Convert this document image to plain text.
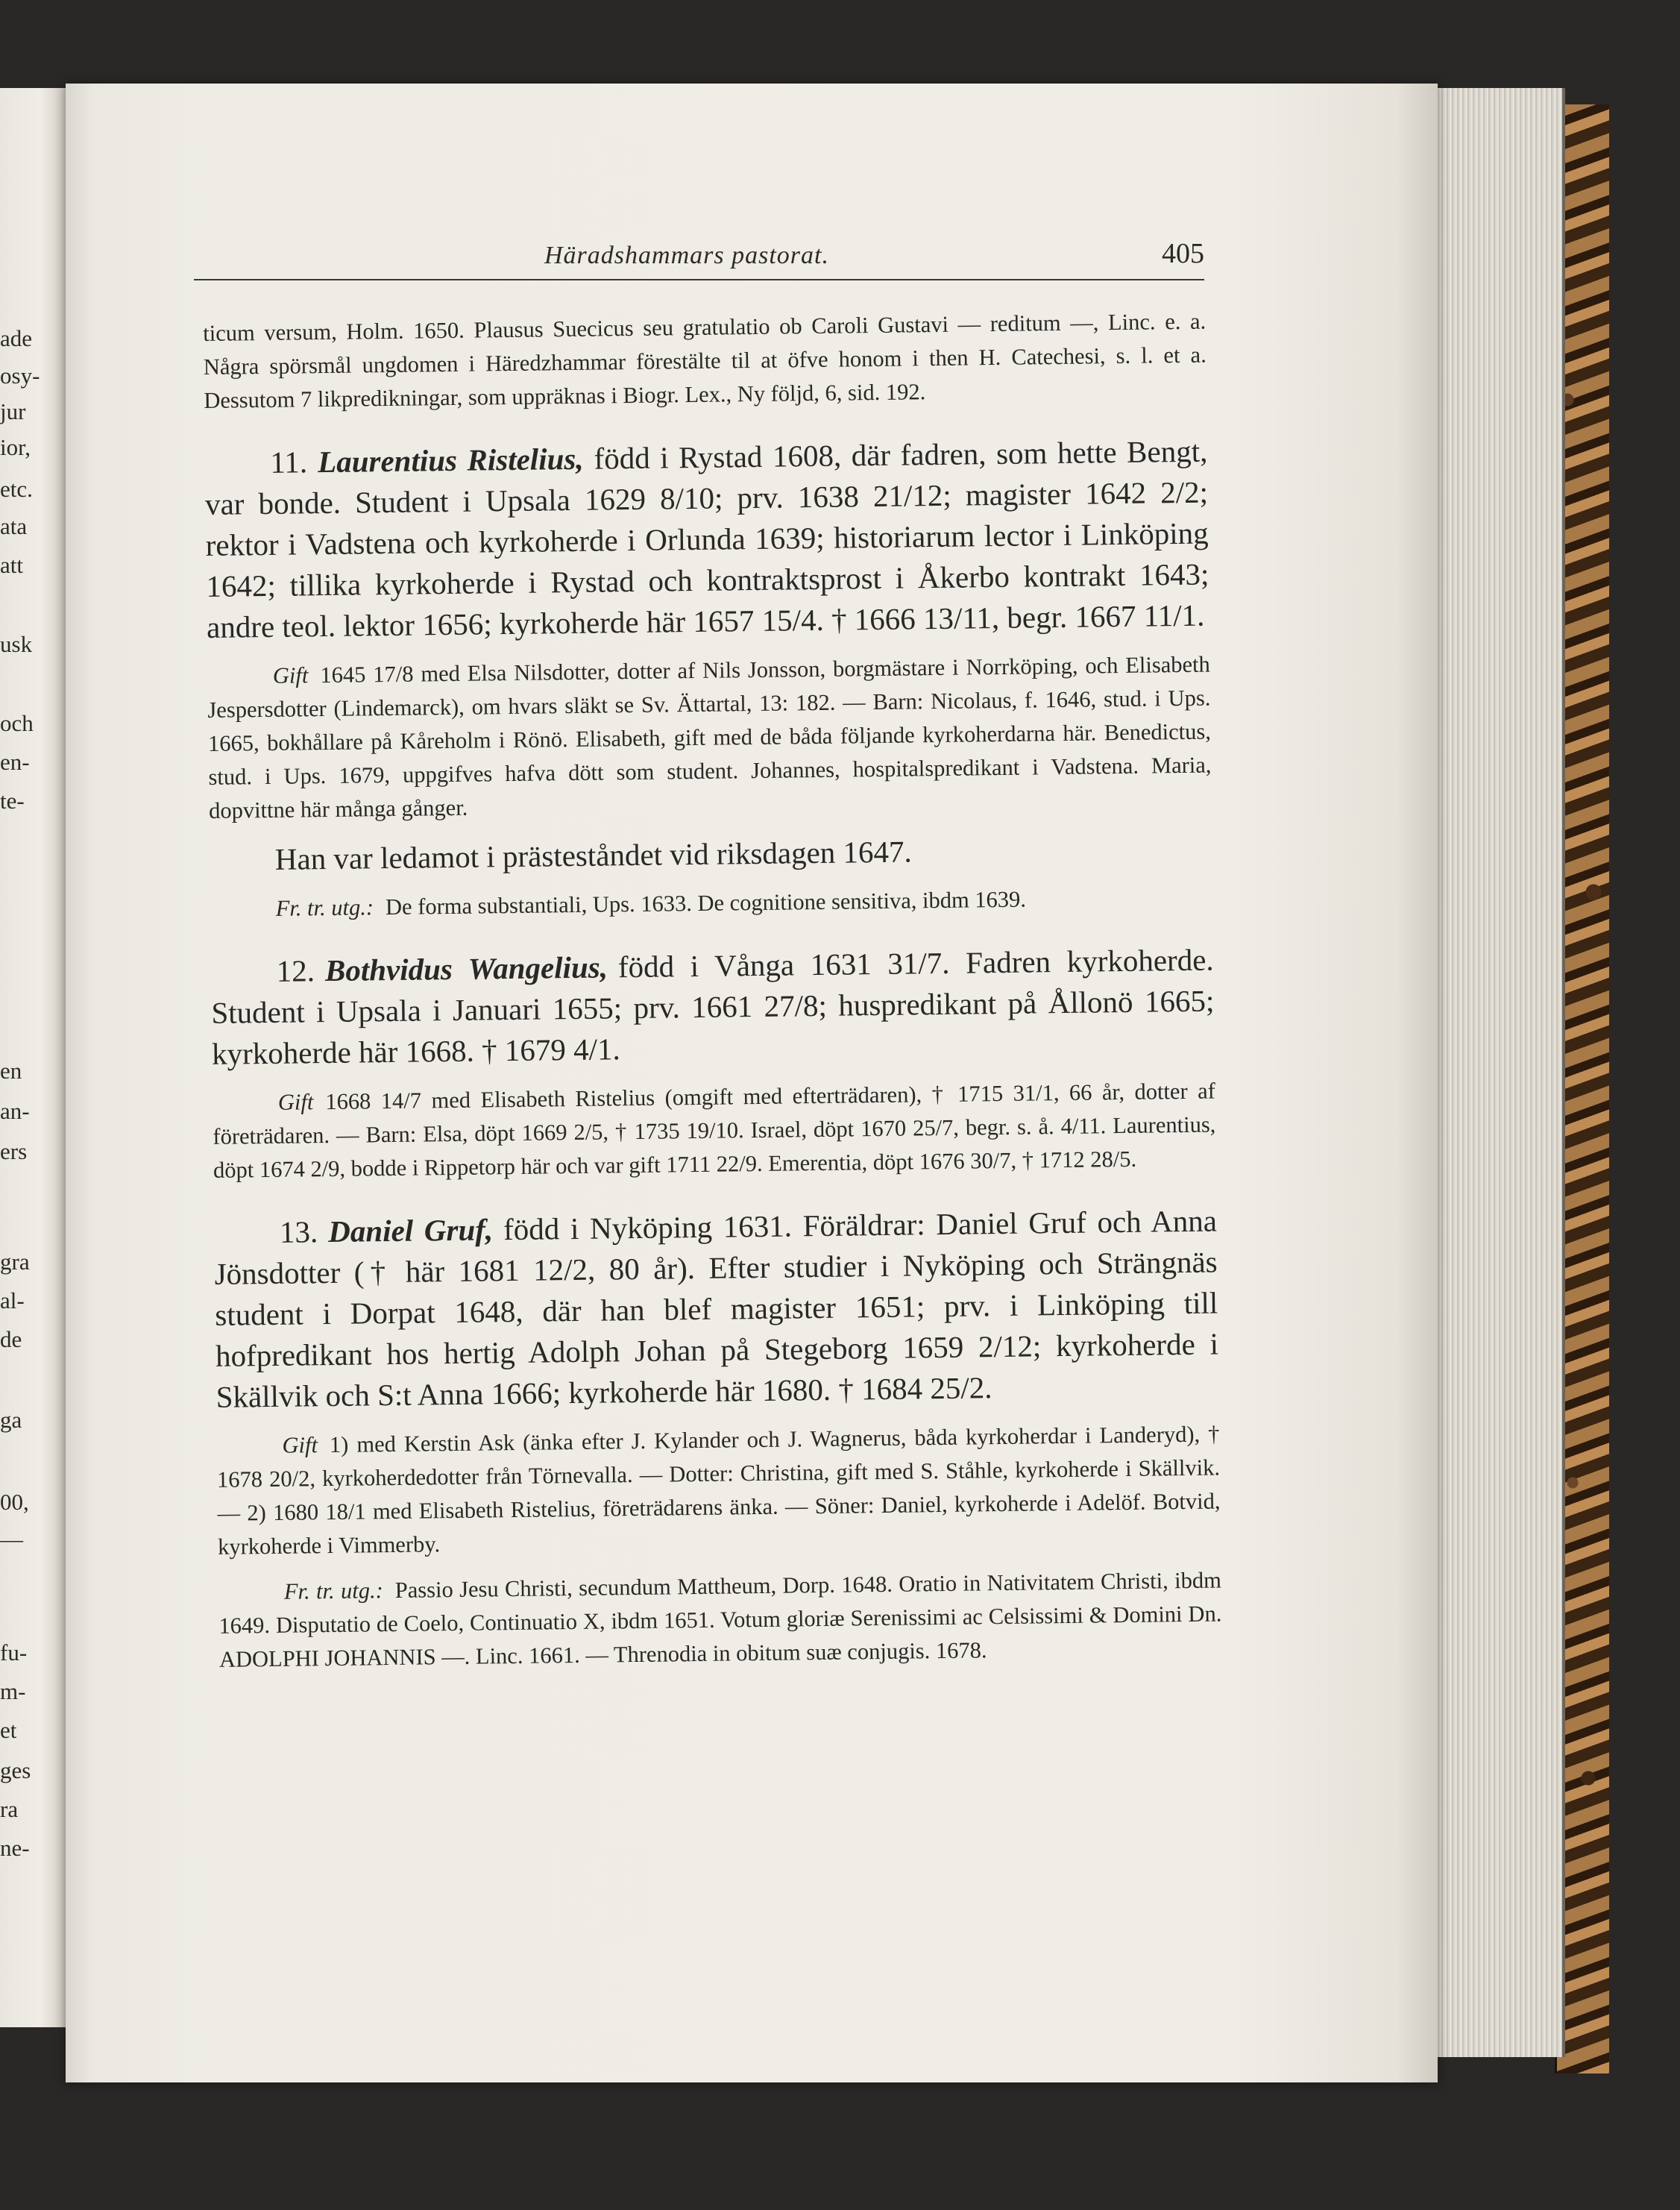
ade
osy-
jur
ior,
etc.
ata
att
usk
och
en-
te-
en
an-
ers
gra
al-
de
ga
00,
—
fu-
m-
et
ges
ra
ne-
Häradshammars pastorat.	405

ticum versum, Holm. 1650. Plausus Suecicus seu gratulatio ob Caroli Gustavi — reditum —, Linc. e. a. Några spörsmål ungdomen i Häredzhammar förestälte til at öfve honom i then H. Catechesi, s. l. et a. Dessutom 7 likpredikningar, som uppräknas i Biogr. Lex., Ny följd, 6, sid. 192.

11. Laurentius Ristelius, född i Rystad 1608, där fadren, som hette Bengt, var bonde. Student i Upsala 1629 8/10; prv. 1638 21/12; magister 1642 2/2; rektor i Vadstena och kyrkoherde i Orlunda 1639; historiarum lector i Linköping 1642; tillika kyrkoherde i Rystad och kontraktsprost i Åkerbo kontrakt 1643; andre teol. lektor 1656; kyrkoherde här 1657 15/4. † 1666 13/11, begr. 1667 11/1.

Gift 1645 17/8 med Elsa Nilsdotter, dotter af Nils Jonsson, borgmästare i Norrköping, och Elisabeth Jespersdotter (Lindemarck), om hvars släkt se Sv. Ättartal, 13: 182. — Barn: Nicolaus, f. 1646, stud. i Ups. 1665, bokhållare på Kåreholm i Rönö. Elisabeth, gift med de båda följande kyrkoherdarna här. Benedictus, stud. i Ups. 1679, uppgifves hafva dött som student. Johannes, hospitalspredikant i Vadstena. Maria, dopvittne här många gånger.

Han var ledamot i prästeståndet vid riksdagen 1647.

Fr. tr. utg.: De forma substantiali, Ups. 1633. De cognitione sensitiva, ibdm 1639.

12. Bothvidus Wangelius, född i Vånga 1631 31/7. Fadren kyrkoherde. Student i Upsala i Januari 1655; prv. 1661 27/8; huspredikant på Ållonö 1665; kyrkoherde här 1668. † 1679 4/1.

Gift 1668 14/7 med Elisabeth Ristelius (omgift med efterträdaren), † 1715 31/1, 66 år, dotter af företrädaren. — Barn: Elsa, döpt 1669 2/5, † 1735 19/10. Israel, döpt 1670 25/7, begr. s. å. 4/11. Laurentius, döpt 1674 2/9, bodde i Rippetorp här och var gift 1711 22/9. Emerentia, döpt 1676 30/7, † 1712 28/5.

13. Daniel Gruf, född i Nyköping 1631. Föräldrar: Daniel Gruf och Anna Jönsdotter († här 1681 12/2, 80 år). Efter studier i Nyköping och Strängnäs student i Dorpat 1648, där han blef magister 1651; prv. i Linköping till hofpredikant hos hertig Adolph Johan på Stegeborg 1659 2/12; kyrkoherde i Skällvik och S:t Anna 1666; kyrkoherde här 1680. † 1684 25/2.

Gift 1) med Kerstin Ask (änka efter J. Kylander och J. Wagnerus, båda kyrkoherdar i Landeryd), † 1678 20/2, kyrkoherdedotter från Törnevalla. — Dotter: Christina, gift med S. Ståhle, kyrkoherde i Skällvik. — 2) 1680 18/1 med Elisabeth Ristelius, företrädarens änka. — Söner: Daniel, kyrkoherde i Adelöf. Botvid, kyrkoherde i Vimmerby.

Fr. tr. utg.: Passio Jesu Christi, secundum Mattheum, Dorp. 1648. Oratio in Nativitatem Christi, ibdm 1649. Disputatio de Coelo, Continuatio X, ibdm 1651. Votum gloriæ Serenissimi ac Celsissimi & Domini Dn. ADOLPHI JOHANNIS —. Linc. 1661. — Threnodia in obitum suæ conjugis. 1678.
